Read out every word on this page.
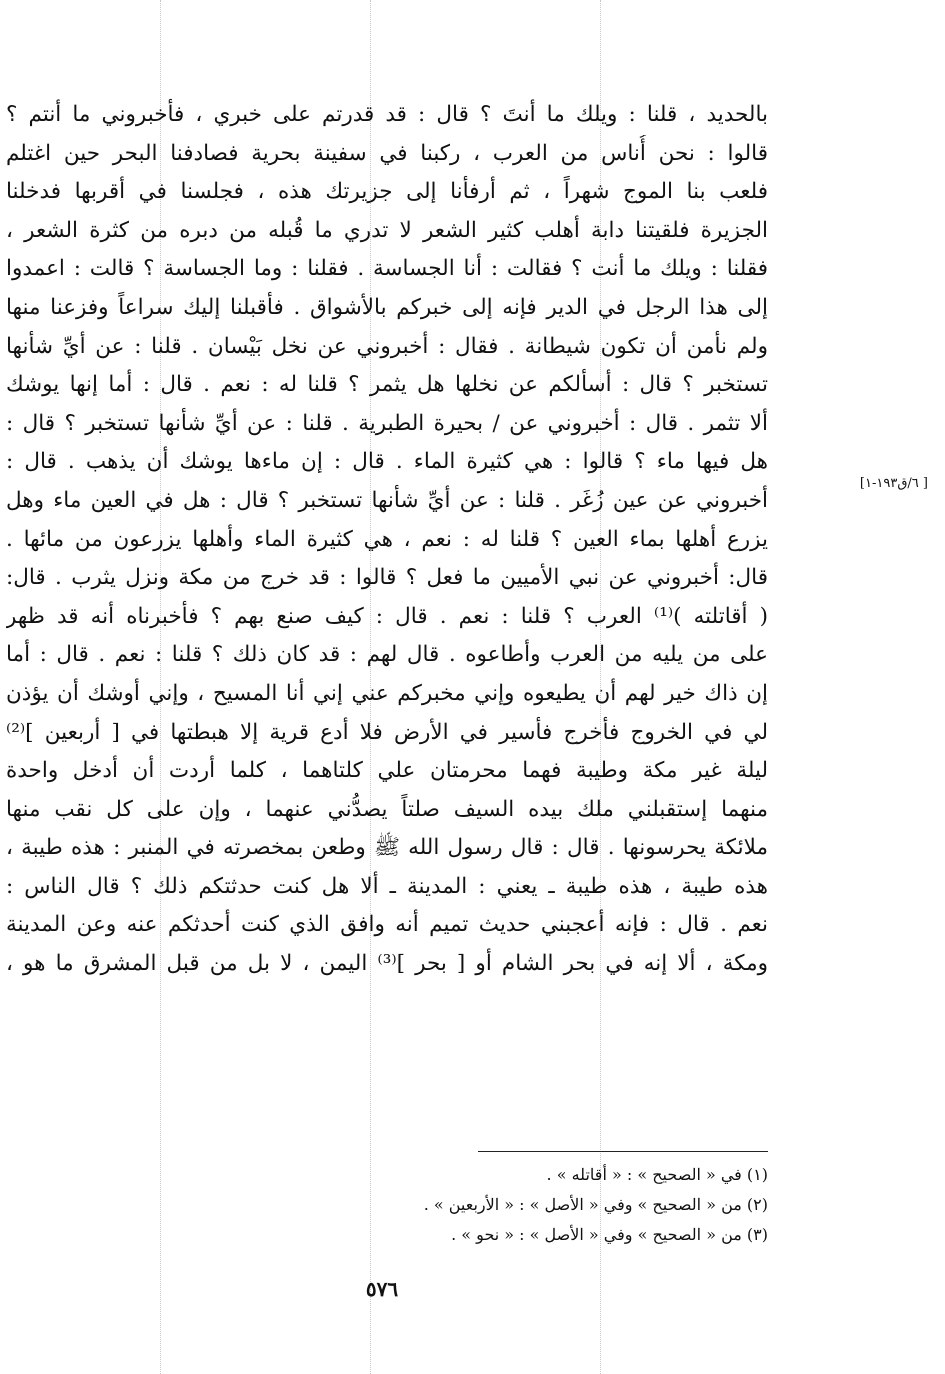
بالحديد ، قلنا : ويلك ما أنتَ ؟ قال : قد قدرتم على خبري ، فأخبروني ما أنتم ؟
قالوا : نحن أُناس من العرب ، ركبنا في سفينة بحرية فصادفنا البحر حين اغتلم
فلعب بنا الموج شهراً ، ثم أرفأنا إلى جزيرتك هذه ، فجلسنا في أقربها فدخلنا
الجزيرة فلقيتنا دابة أهلب كثير الشعر لا تدري ما قُبله من دبره من كثرة الشعر ،
فقلنا : ويلك ما أنت ؟ فقالت : أنا الجساسة . فقلنا : وما الجساسة ؟ قالت : اعمدوا
إلى هذا الرجل في الدير فإنه إلى خبركم بالأشواق . فأقبلنا إليك سراعاً وفزعنا منها
ولم نأمن أن تكون شيطانة . فقال : أخبروني عن نخل بَيْسان . قلنا : عن أيِّ شأنها
تستخبر ؟ قال : أسألكم عن نخلها هل يثمر ؟ قلنا له : نعم . قال : أما إنها يوشك
ألا تثمر . قال : أخبروني عن / بحيرة الطبرية . قلنا : عن أيِّ شأنها تستخبر ؟ قال :
هل فيها ماء ؟ قالوا : هي كثيرة الماء . قال : إن ماءها يوشك أن يذهب . قال :
أخبروني عن عين زُغَر . قلنا : عن أيِّ شأنها تستخبر ؟ قال : هل في العين ماء وهل
يزرع أهلها بماء العين ؟ قلنا له : نعم ، هي كثيرة الماء وأهلها يزرعون من مائها .
قال: أخبروني عن نبي الأميين ما فعل ؟ قالوا : قد خرج من مكة ونزل يثرب . قال:
( أقاتلته )⁽¹⁾ العرب ؟ قلنا : نعم . قال : كيف صنع بهم ؟ فأخبرناه أنه قد ظهر
على من يليه من العرب وأطاعوه . قال لهم : قد كان ذلك ؟ قلنا : نعم . قال : أما
إن ذاك خير لهم أن يطيعوه وإني مخبركم عني إني أنا المسيح ، وإني أوشك أن يؤذن
لي في الخروج فأخرج فأسير في الأرض فلا أدع قرية إلا هبطتها في [ أربعين ]⁽²⁾
ليلة غير مكة وطيبة فهما محرمتان علي كلتاهما ، كلما أردت أن أدخل واحدة
منهما إستقبلني ملك بيده السيف صلتاً يصدُّني عنهما ، وإن على كل نقب منها
ملائكة يحرسونها . قال : قال رسول الله ﷺ وطعن بمخصرته في المنبر : هذه طيبة ،
هذه طيبة ، هذه طيبة ـ يعني : المدينة ـ ألا هل كنت حدثتكم ذلك ؟ قال الناس :
نعم . قال : فإنه أعجبني حديث تميم أنه وافق الذي كنت أحدثكم عنه وعن المدينة
ومكة ، ألا إنه في بحر الشام أو [ بحر ]⁽³⁾ اليمن ، لا بل من قبل المشرق ما هو ،
[ ٦/ق١٩٣-١]
(١) في « الصحيح » : « أقاتله » .
(٢) من « الصحيح » وفي « الأصل » : « الأربعين » .
(٣) من « الصحيح » وفي « الأصل » : « نحو » .
٥٧٦
